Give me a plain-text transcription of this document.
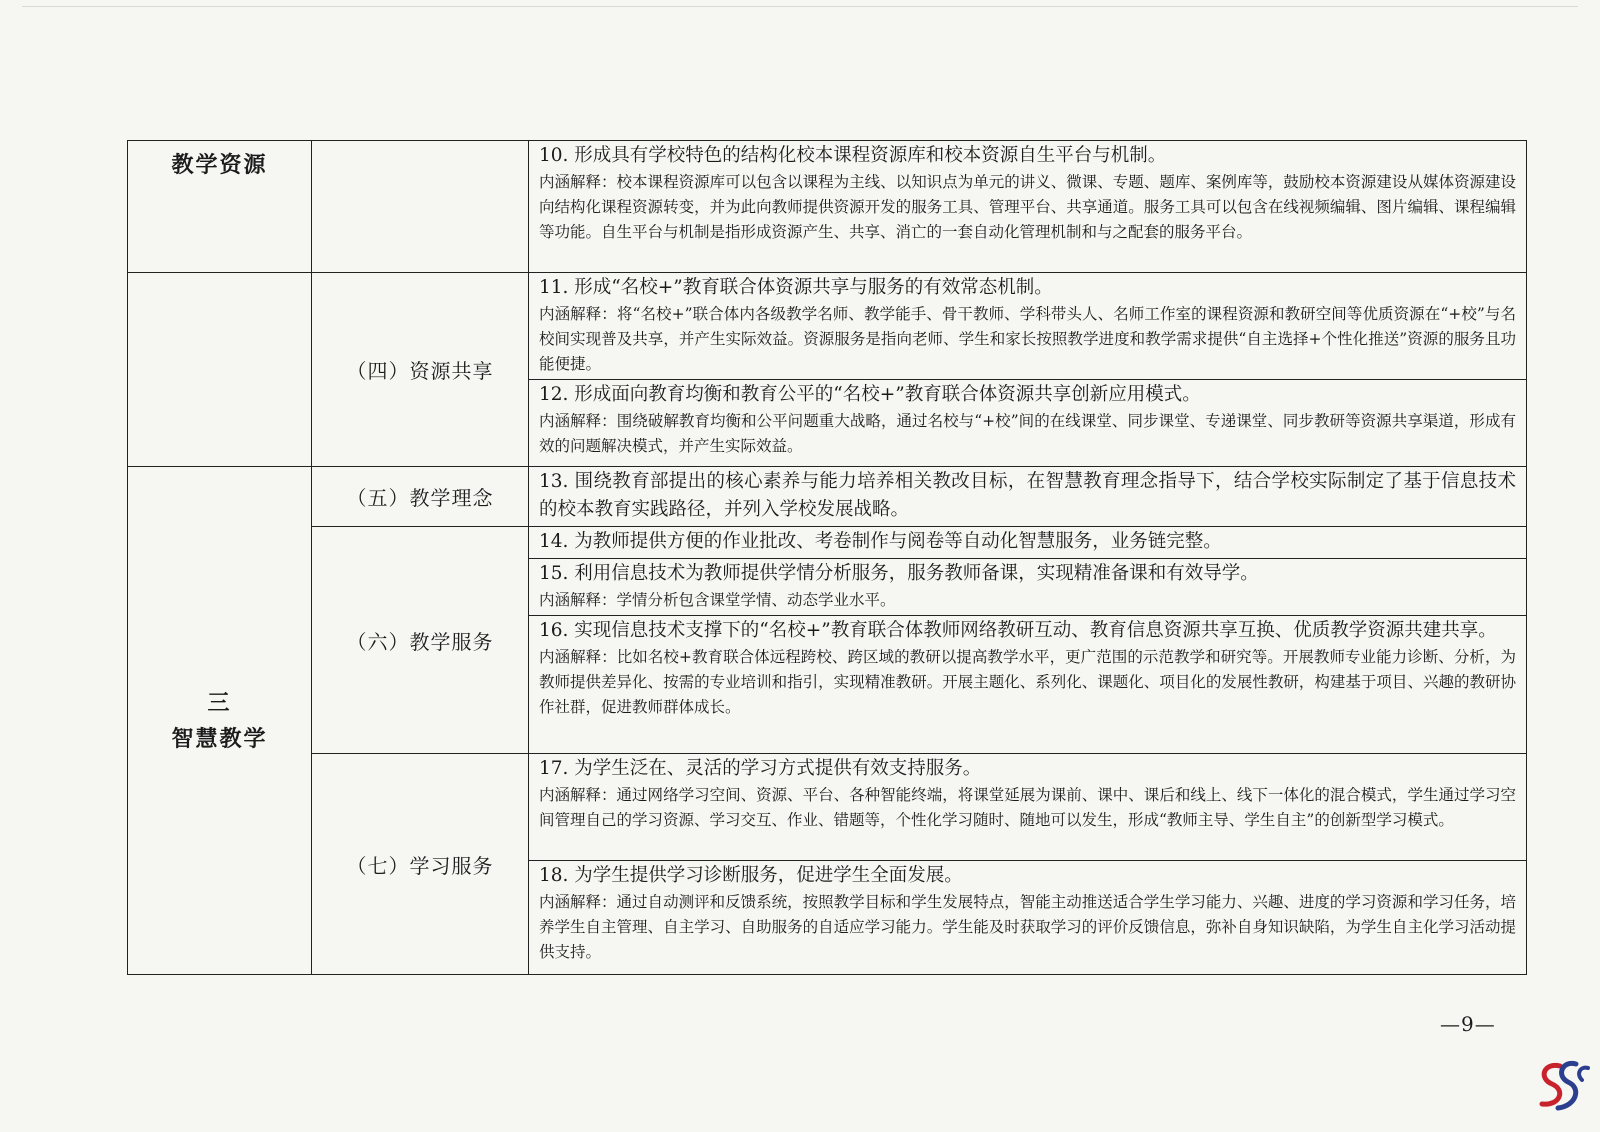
教学资源		10. 形成具有学校特色的结构化校本课程资源库和校本资源自生平台与机制。
内涵解释：校本课程资源库可以包含以课程为主线、以知识点为单元的讲义、微课、专题、题库、案例库等，鼓励校本资源建设从媒体资源建设向结构化课程资源转变，并为此向教师提供资源开发的服务工具、管理平台、共享通道。服务工具可以包含在线视频编辑、图片编辑、课程编辑等功能。自生平台与机制是指形成资源产生、共享、消亡的一套自动化管理机制和与之配套的服务平台。

	（四）资源共享	11. 形成“名校+”教育联合体资源共享与服务的有效常态机制。
内涵解释：将“名校+”联合体内各级教学名师、教学能手、骨干教师、学科带头人、名师工作室的课程资源和教研空间等优质资源在“+校”与名校间实现普及共享，并产生实际效益。资源服务是指向老师、学生和家长按照教学进度和教学需求提供“自主选择+个性化推送”资源的服务且功能便捷。

		12. 形成面向教育均衡和教育公平的“名校+”教育联合体资源共享创新应用模式。
内涵解释：围绕破解教育均衡和公平问题重大战略，通过名校与“+校”间的在线课堂、同步课堂、专递课堂、同步教研等资源共享渠道，形成有效的问题解决模式，并产生实际效益。

三
智慧教学	（五）教学理念	13. 围绕教育部提出的核心素养与能力培养相关教改目标，在智慧教育理念指导下，结合学校实际制定了基于信息技术的校本教育实践路径，并列入学校发展战略。

	（六）教学服务	14. 为教师提供方便的作业批改、考卷制作与阅卷等自动化智慧服务，业务链完整。

		15. 利用信息技术为教师提供学情分析服务，服务教师备课，实现精准备课和有效导学。
内涵解释：学情分析包含课堂学情、动态学业水平。

		16. 实现信息技术支撑下的“名校+”教育联合体教师网络教研互动、教育信息资源共享互换、优质教学资源共建共享。
内涵解释：比如名校+教育联合体远程跨校、跨区域的教研以提高教学水平，更广范围的示范教学和研究等。开展教师专业能力诊断、分析，为教师提供差异化、按需的专业培训和指引，实现精准教研。开展主题化、系列化、课题化、项目化的发展性教研，构建基于项目、兴趣的教研协作社群，促进教师群体成长。

	（七）学习服务	17. 为学生泛在、灵活的学习方式提供有效支持服务。
内涵解释：通过网络学习空间、资源、平台、各种智能终端，将课堂延展为课前、课中、课后和线上、线下一体化的混合模式，学生通过学习空间管理自己的学习资源、学习交互、作业、错题等，个性化学习随时、随地可以发生，形成“教师主导、学生自主”的创新型学习模式。

		18. 为学生提供学习诊断服务，促进学生全面发展。
内涵解释：通过自动测评和反馈系统，按照教学目标和学生发展特点，智能主动推送适合学生学习能力、兴趣、进度的学习资源和学习任务，培养学生自主管理、自主学习、自助服务的自适应学习能力。学生能及时获取学习的评价反馈信息，弥补自身知识缺陷，为学生自主化学习活动提供支持。
—9—
